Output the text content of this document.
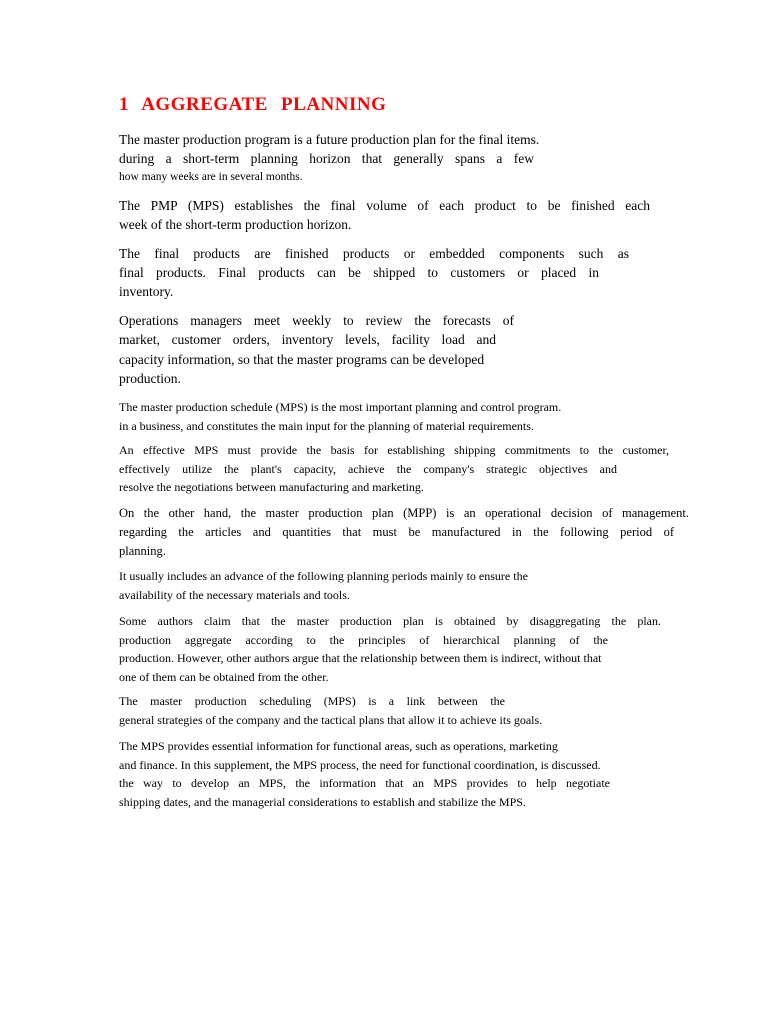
1 AGGREGATE PLANNING
The master production program is a future production plan for the final items.
during a short-term planning horizon that generally spans a few
how many weeks are in several months.
The PMP (MPS) establishes the final volume of each product to be finished each
week of the short-term production horizon.
The final products are finished products or embedded components such as
final products. Final products can be shipped to customers or placed in
inventory.
Operations managers meet weekly to review the forecasts of
market, customer orders, inventory levels, facility load and
capacity information, so that the master programs can be developed
production.
The master production schedule (MPS) is the most important planning and control program.
in a business, and constitutes the main input for the planning of material requirements.
An effective MPS must provide the basis for establishing shipping commitments to the customer,
effectively utilize the plant's capacity, achieve the company's strategic objectives and
resolve the negotiations between manufacturing and marketing.
On the other hand, the master production plan (MPP) is an operational decision of management.
regarding the articles and quantities that must be manufactured in the following period of
planning.
It usually includes an advance of the following planning periods mainly to ensure the
availability of the necessary materials and tools.
Some authors claim that the master production plan is obtained by disaggregating the plan.
production aggregate according to the principles of hierarchical planning of the
production. However, other authors argue that the relationship between them is indirect, without that
one of them can be obtained from the other.
The master production scheduling (MPS) is a link between the
general strategies of the company and the tactical plans that allow it to achieve its goals.
The MPS provides essential information for functional areas, such as operations, marketing
and finance. In this supplement, the MPS process, the need for functional coordination, is discussed.
the way to develop an MPS, the information that an MPS provides to help negotiate
shipping dates, and the managerial considerations to establish and stabilize the MPS.
